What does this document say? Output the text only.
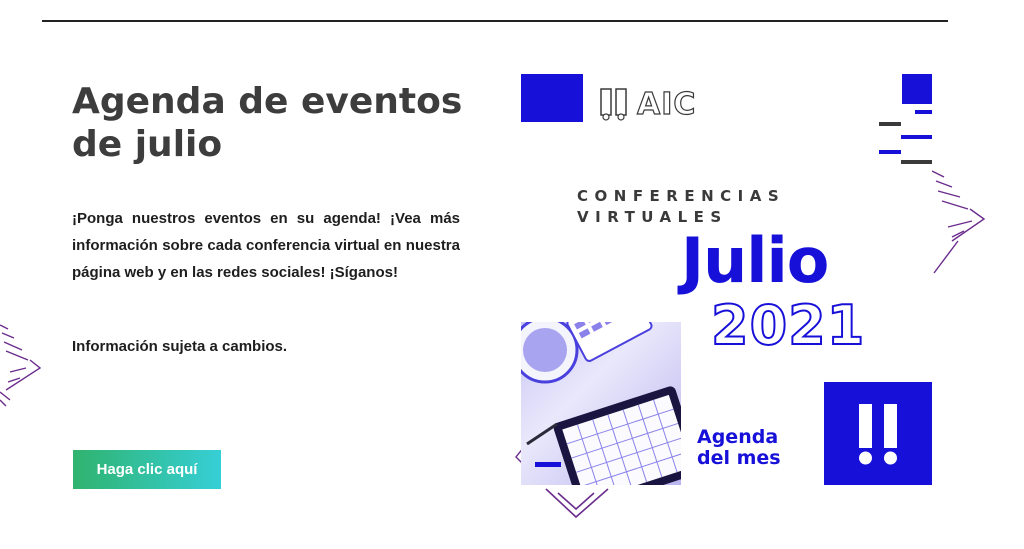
Agenda de eventos de julio

¡Ponga nuestros eventos en su agenda! ¡Vea más información sobre cada conferencia virtual en nuestra página web y en las redes sociales! ¡Síganos!

Información sujeta a cambios.

Haga clic aquí
AIC
CONFERENCIAS
VIRTUALES
Julio
2021
Agenda
del mes
